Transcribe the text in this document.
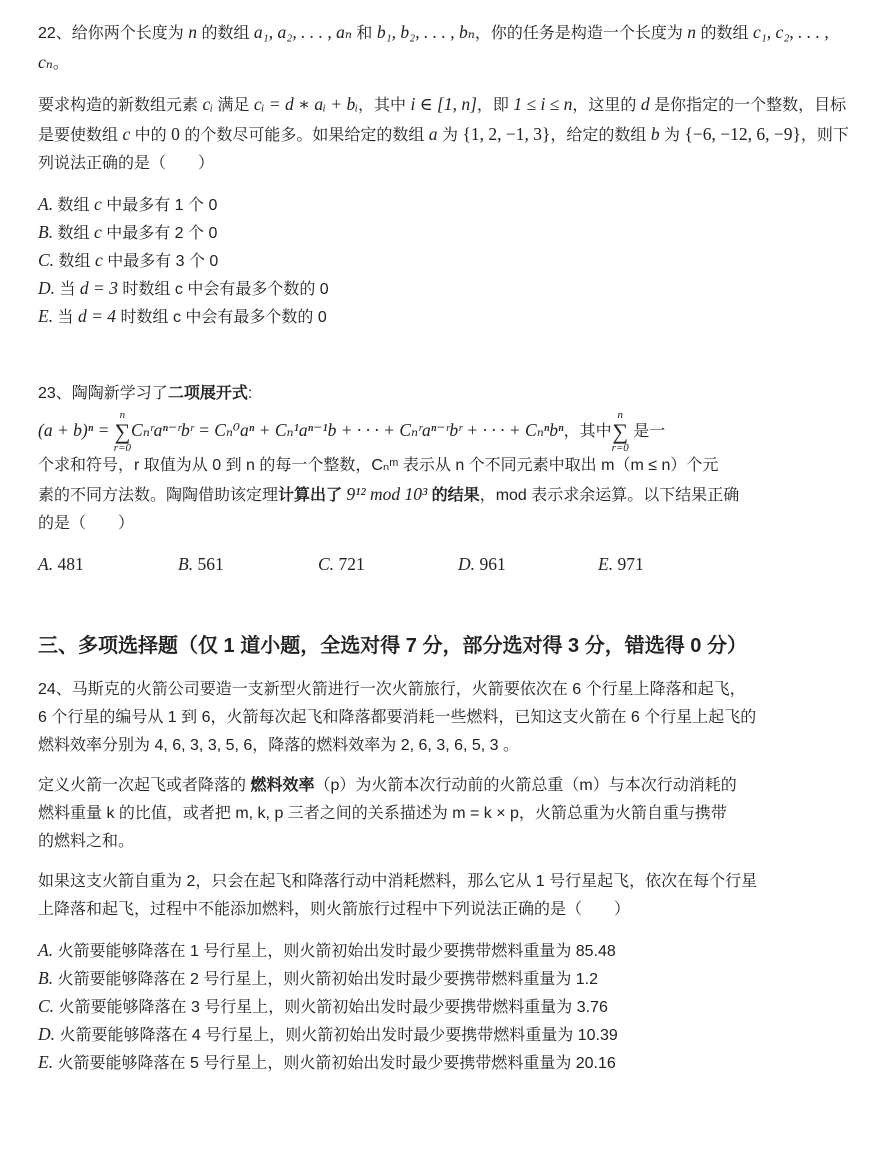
22、给你两个长度为 n 的数组 a₁, a₂, . . . , aₙ 和 b₁, b₂, . . . , bₙ，你的任务是构造一个长度为 n 的数组 c₁, c₂, . . . , cₙ。

要求构造的新数组元素 cᵢ 满足 cᵢ = d ∗ aᵢ + bᵢ，其中 i ∈ [1, n]，即 1 ≤ i ≤ n，这里的 d 是你指定的一个整数，目标是要使数组 c 中的 0 的个数尽可能多。如果给定的数组 a 为 {1, 2, −1, 3}，给定的数组 b 为 {−6, −12, 6, −9}，则下列说法正确的是（　　）

A. 数组 c 中最多有 1 个 0
B. 数组 c 中最多有 2 个 0
C. 数组 c 中最多有 3 个 0
D. 当 d = 3 时数组 c 中会有最多个数的 0
E. 当 d = 4 时数组 c 中会有最多个数的 0
23、陶陶新学习了二项展开式:
(a + b)ⁿ =
n
∑
r=0
Cₙʳaⁿ⁻ʳbʳ = Cₙ⁰aⁿ + Cₙ¹aⁿ⁻¹b + · · · + Cₙʳaⁿ⁻ʳbʳ + · · · + Cₙⁿbⁿ，其中
n
∑
r=0
是一
个求和符号，r 取值为从 0 到 n 的每一个整数，Cₙᵐ 表示从 n 个不同元素中取出 m（m ≤ n）个元
素的不同方法数。陶陶借助该定理计算出了 9¹² mod 10³ 的结果，mod 表示求余运算。以下结果正确
的是（　　）
A. 481	B. 561	C. 721	D. 961	E. 971
三、多项选择题（仅 1 道小题，全选对得 7 分，部分选对得 3 分，错选得 0 分）
24、马斯克的火箭公司要造一支新型火箭进行一次火箭旅行，火箭要依次在 6 个行星上降落和起飞，
6 个行星的编号从 1 到 6，火箭每次起飞和降落都要消耗一些燃料，已知这支火箭在 6 个行星上起飞的
燃料效率分别为 4, 6, 3, 3, 5, 6，降落的燃料效率为 2, 6, 3, 6, 5, 3 。
定义火箭一次起飞或者降落的 燃料效率（p）为火箭本次行动前的火箭总重（m）与本次行动消耗的
燃料重量 k 的比值，或者把 m, k, p 三者之间的关系描述为 m = k × p，火箭总重为火箭自重与携带
的燃料之和。
如果这支火箭自重为 2，只会在起飞和降落行动中消耗燃料，那么它从 1 号行星起飞，依次在每个行星
上降落和起飞，过程中不能添加燃料，则火箭旅行过程中下列说法正确的是（　　）
A. 火箭要能够降落在 1 号行星上，则火箭初始出发时最少要携带燃料重量为 85.48
B. 火箭要能够降落在 2 号行星上，则火箭初始出发时最少要携带燃料重量为 1.2
C. 火箭要能够降落在 3 号行星上，则火箭初始出发时最少要携带燃料重量为 3.76
D. 火箭要能够降落在 4 号行星上，则火箭初始出发时最少要携带燃料重量为 10.39
E. 火箭要能够降落在 5 号行星上，则火箭初始出发时最少要携带燃料重量为 20.16
